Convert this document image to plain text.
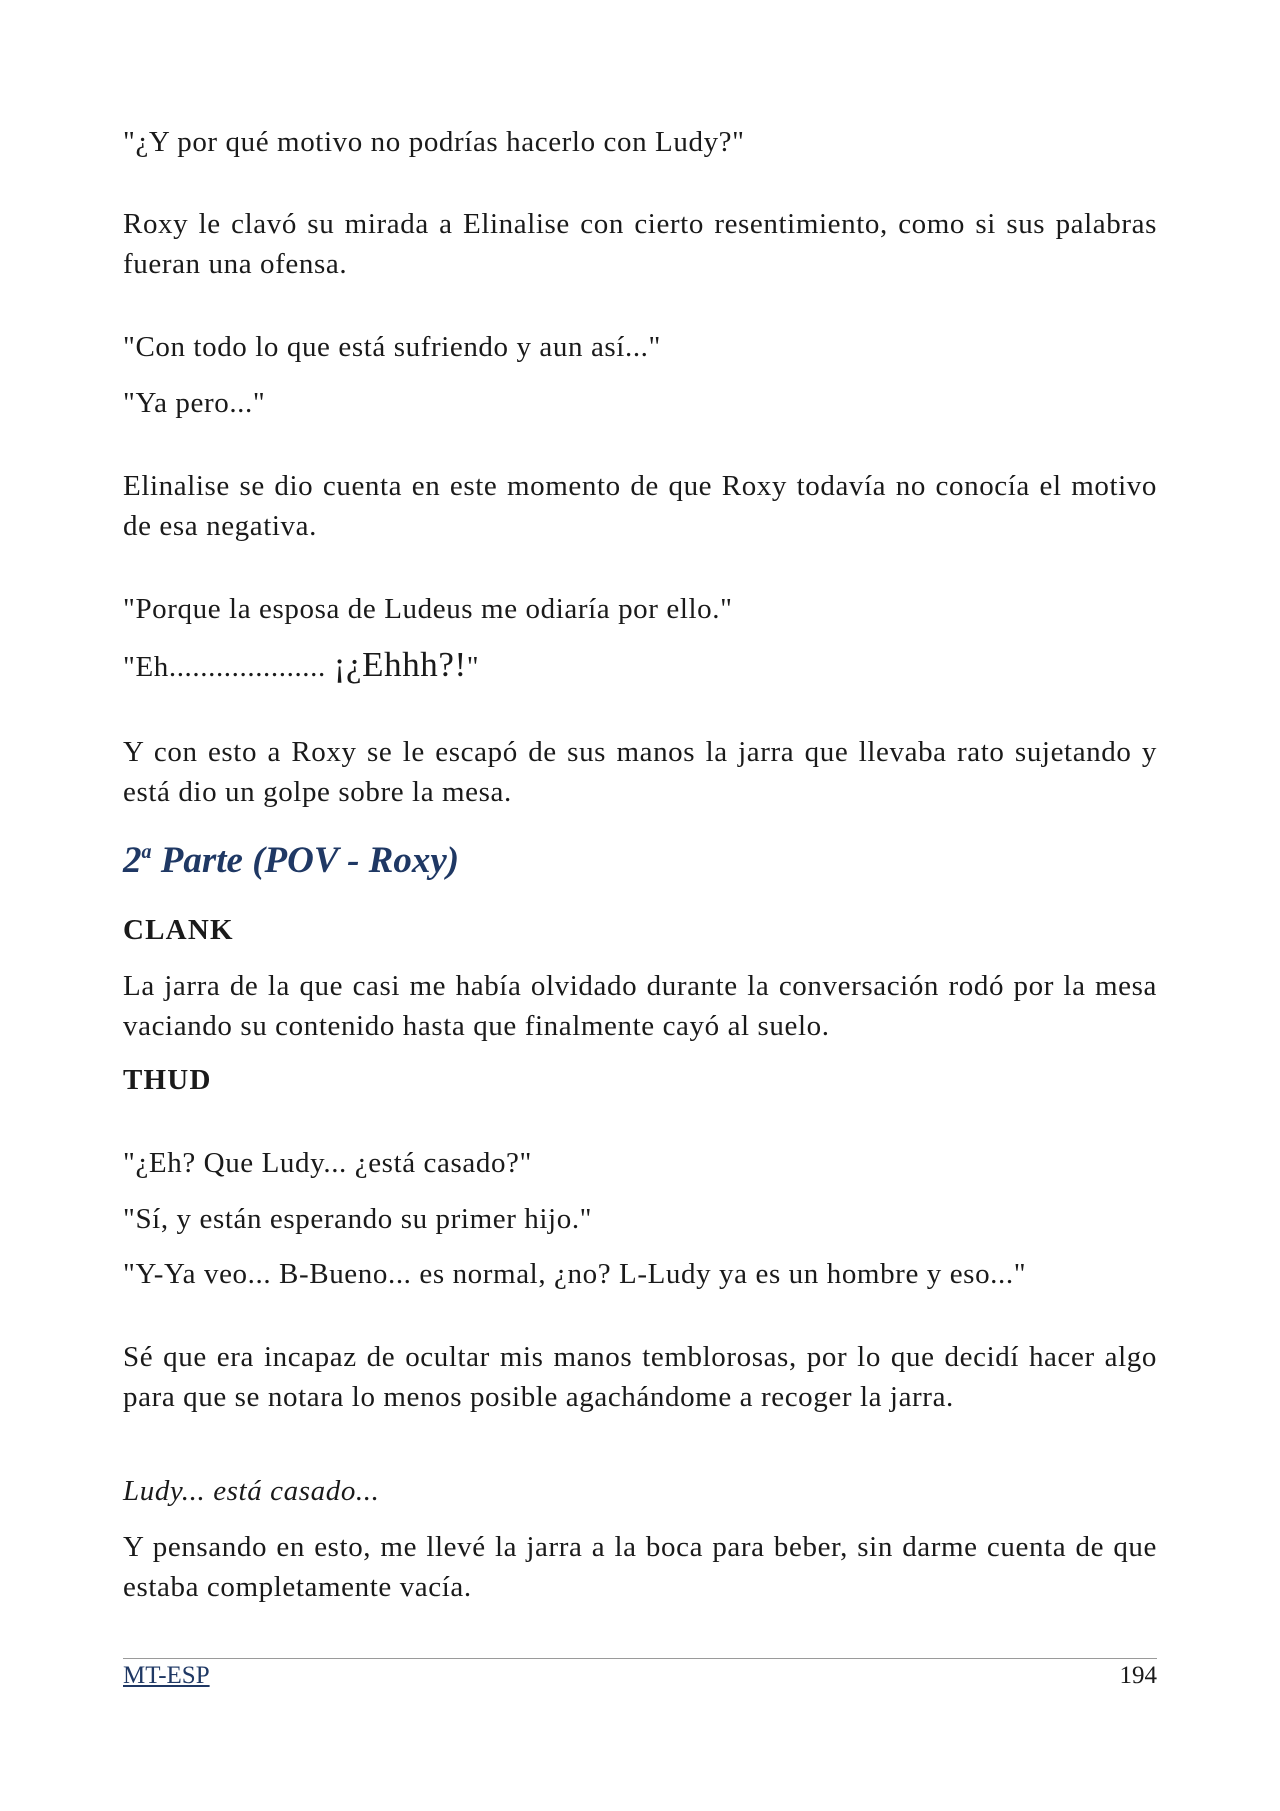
"¿Y por qué motivo no podrías hacerlo con Ludy?"

Roxy le clavó su mirada a Elinalise con cierto resentimiento, como si sus palabras fueran una ofensa.

"Con todo lo que está sufriendo y aun así..."

"Ya pero..."

Elinalise se dio cuenta en este momento de que Roxy todavía no conocía el motivo de esa negativa.

"Porque la esposa de Ludeus me odiaría por ello."

"Eh.................... ¡¿Ehhh?!"

Y con esto a Roxy se le escapó de sus manos la jarra que llevaba rato sujetando y está dio un golpe sobre la mesa.

2$^a$ Parte (POV - Roxy)

CLANK

La jarra de la que casi me había olvidado durante la conversación rodó por la mesa vaciando su contenido hasta que finalmente cayó al suelo.

THUD

"¿Eh? Que Ludy... ¿está casado?"

"Sí, y están esperando su primer hijo."

"Y-Ya veo... B-Bueno... es normal, ¿no? L-Ludy ya es un hombre y eso..."

Sé que era incapaz de ocultar mis manos temblorosas, por lo que decidí hacer algo para que se notara lo menos posible agachándome a recoger la jarra.

Ludy... está casado...

Y pensando en esto, me llevé la jarra a la boca para beber, sin darme cuenta de que estaba completamente vacía.

MT-ESP	194
